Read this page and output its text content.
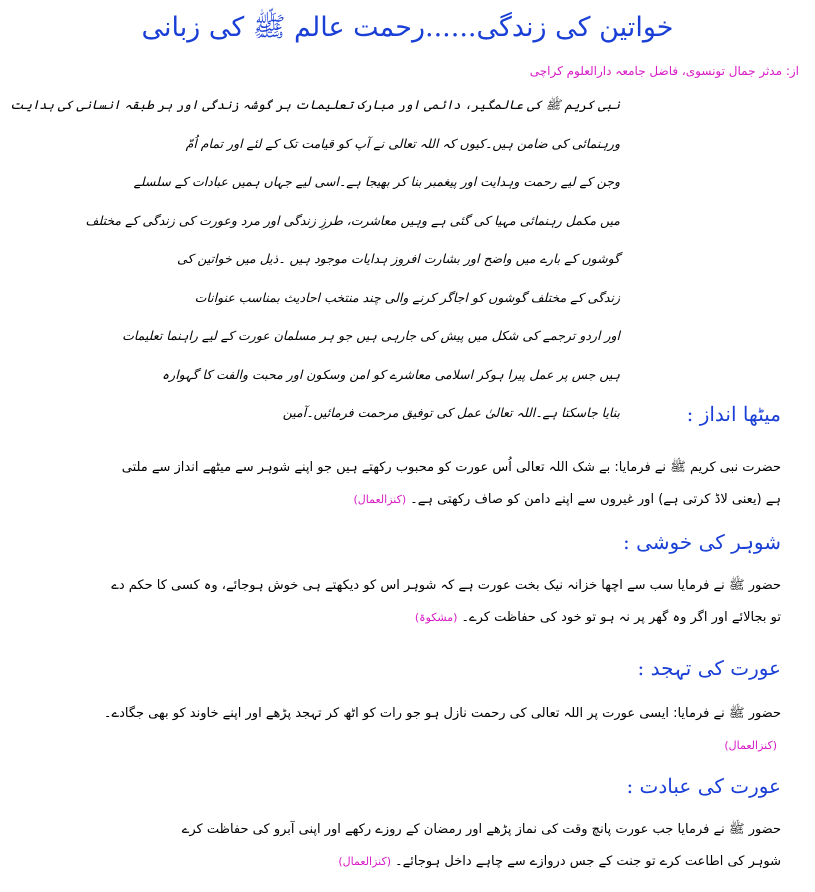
خواتین کی زندگی......رحمت عالم ﷺ کی زبانی
از: مدثر جمال تونسوی، فاضل جامعہ دارالعلوم کراچی
نبی کریم ﷺ کی عالمگیر، دائمی اور مبارک تعلیمات ہر گوشہ زندگی اور ہر طبقہ انسانی کی ہدایت
ورہنمائی کی ضامن ہیں۔کیوں کہ اللہ تعالی نے آپ کو قیامت تک کے لئے اور تمام اُمّ
وجن کے لیے رحمت وہدایت اور پیغمبر بنا کر بھیجا ہے۔اسی لیے جہاں ہمیں عبادات کے سلسلے
میں مکمل رہنمائی مہیا کی گئی ہے وہیں معاشرت، طرزِ زندگی اور مرد وعورت کی زندگی کے مختلف
گوشوں کے بارے میں واضح اور بشارت افروز ہدایات موجود ہیں ۔ذیل میں خواتین کی
زندگی کے مختلف گوشوں کو اجاگر کرنے والی چند منتخب احادیث بمناسب عنوانات
اور اردو ترجمے کی شکل میں پیش کی جارہی ہیں جو ہر مسلمان عورت کے لیے راہنما تعلیمات
ہیں جس پر عمل پیرا ہوکر اسلامی معاشرے کو امن وسکون اور محبت والفت کا گہوارہ
بنایا جاسکتا ہے۔اللہ تعالیٰ عمل کی توفیق مرحمت فرمائیں۔آمین	میٹھا انداز :
حضرت نبی کریم ﷺ نے فرمایا: بے شک اللہ تعالی اُس عورت کو محبوب رکھتے ہیں جو اپنے شوہر سے میٹھے انداز سے ملتی
ہے (یعنی لاڈ کرتی ہے) اور غیروں سے اپنے دامن کو صاف رکھتی ہے۔(کنزالعمال)
شوہر کی خوشی :
حضور ﷺ نے فرمایا سب سے اچھا خزانہ نیک بخت عورت ہے کہ شوہر اس کو دیکھتے ہی خوش ہوجائے، وہ کسی کا حکم دے
تو بجالائے اور اگر وہ گھر پر نہ ہو تو خود کی حفاظت کرے۔(مشکوۃ)
عورت کی تہجد :
حضور ﷺ نے فرمایا: ایسی عورت پر اللہ تعالی کی رحمت نازل ہو جو رات کو اٹھ کر تہجد پڑھے اور اپنے خاوند کو بھی جگادے۔
(کنزالعمال)
عورت کی عبادت :
حضور ﷺ نے فرمایا جب عورت پانچ وقت کی نماز پڑھے اور رمضان کے روزے رکھے اور اپنی آبرو کی حفاظت کرے
شوہر کی اطاعت کرے تو جنت کے جس دروازے سے چاہے داخل ہوجائے۔(کنزالعمال)
